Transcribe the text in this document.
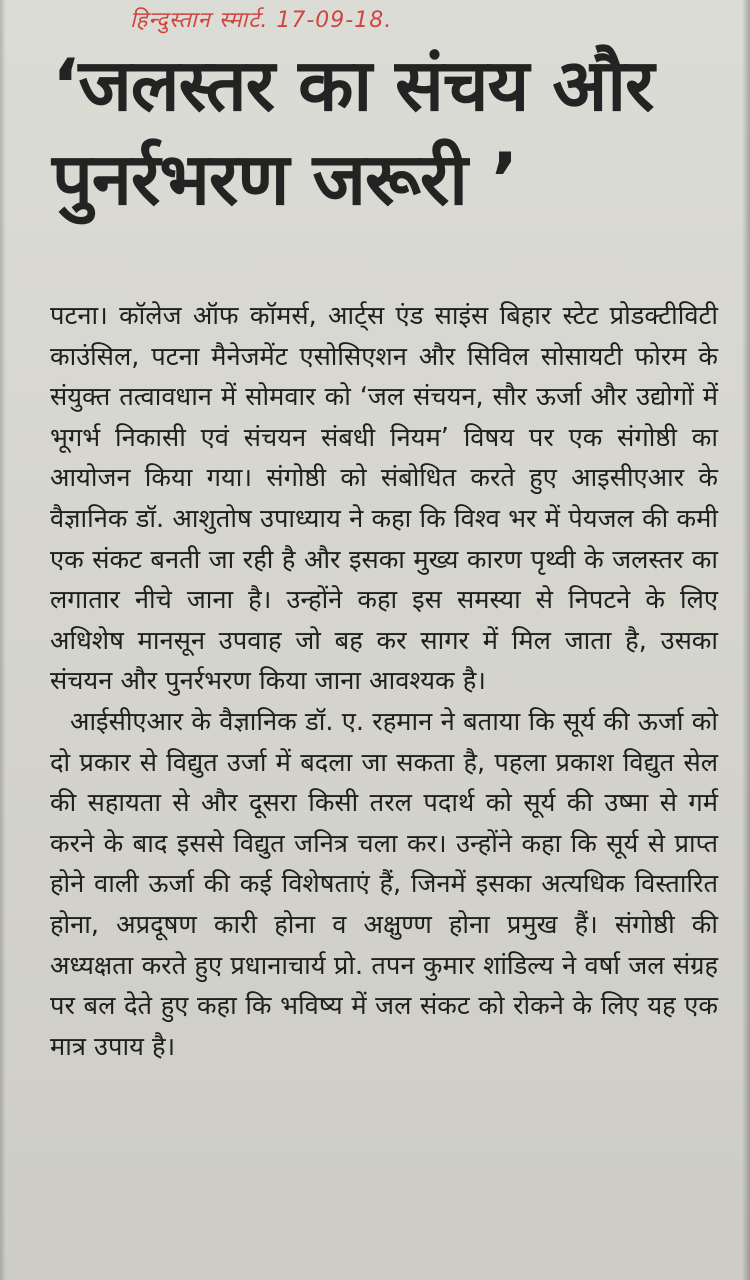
हिन्दुस्तान स्मार्ट. 17-09-18.
‘जलस्तर का संचय और पुनर्रभरण जरूरी ’

पटना। कॉलेज ऑफ कॉमर्स, आर्ट्स एंड साइंस बिहार स्टेट प्रोडक्टीविटी काउंसिल, पटना मैनेजमेंट एसोसिएशन और सिविल सोसायटी फोरम के संयुक्त तत्वावधान में सोमवार को ‘जल संचयन, सौर ऊर्जा और उद्योगों में भूगर्भ निकासी एवं संचयन संबधी नियम’ विषय पर एक संगोष्ठी का आयोजन किया गया। संगोष्ठी को संबोधित करते हुए आइसीएआर के वैज्ञानिक डॉ. आशुतोष उपाध्याय ने कहा कि विश्व भर में पेयजल की कमी एक संकट बनती जा रही है और इसका मुख्य कारण पृथ्वी के जलस्तर का लगातार नीचे जाना है। उन्होंने कहा इस समस्या से निपटने के लिए अधिशेष मानसून उपवाह जो बह कर सागर में मिल जाता है, उसका संचयन और पुनर्रभरण किया जाना आवश्यक है।

आईसीएआर के वैज्ञानिक डॉ. ए. रहमान ने बताया कि सूर्य की ऊर्जा को दो प्रकार से विद्युत उर्जा में बदला जा सकता है, पहला प्रकाश विद्युत सेल की सहायता से और दूसरा किसी तरल पदार्थ को सूर्य की उष्मा से गर्म करने के बाद इससे विद्युत जनित्र चला कर। उन्होंने कहा कि सूर्य से प्राप्त होने वाली ऊर्जा की कई विशेषताएं हैं, जिनमें इसका अत्यधिक विस्तारित होना, अप्रदूषण कारी होना व अक्षुण्ण होना प्रमुख हैं। संगोष्ठी की अध्यक्षता करते हुए प्रधानाचार्य प्रो. तपन कुमार शांडिल्य ने वर्षा जल संग्रह पर बल देते हुए कहा कि भविष्य में जल संकट को रोकने के लिए यह एक मात्र उपाय है।
